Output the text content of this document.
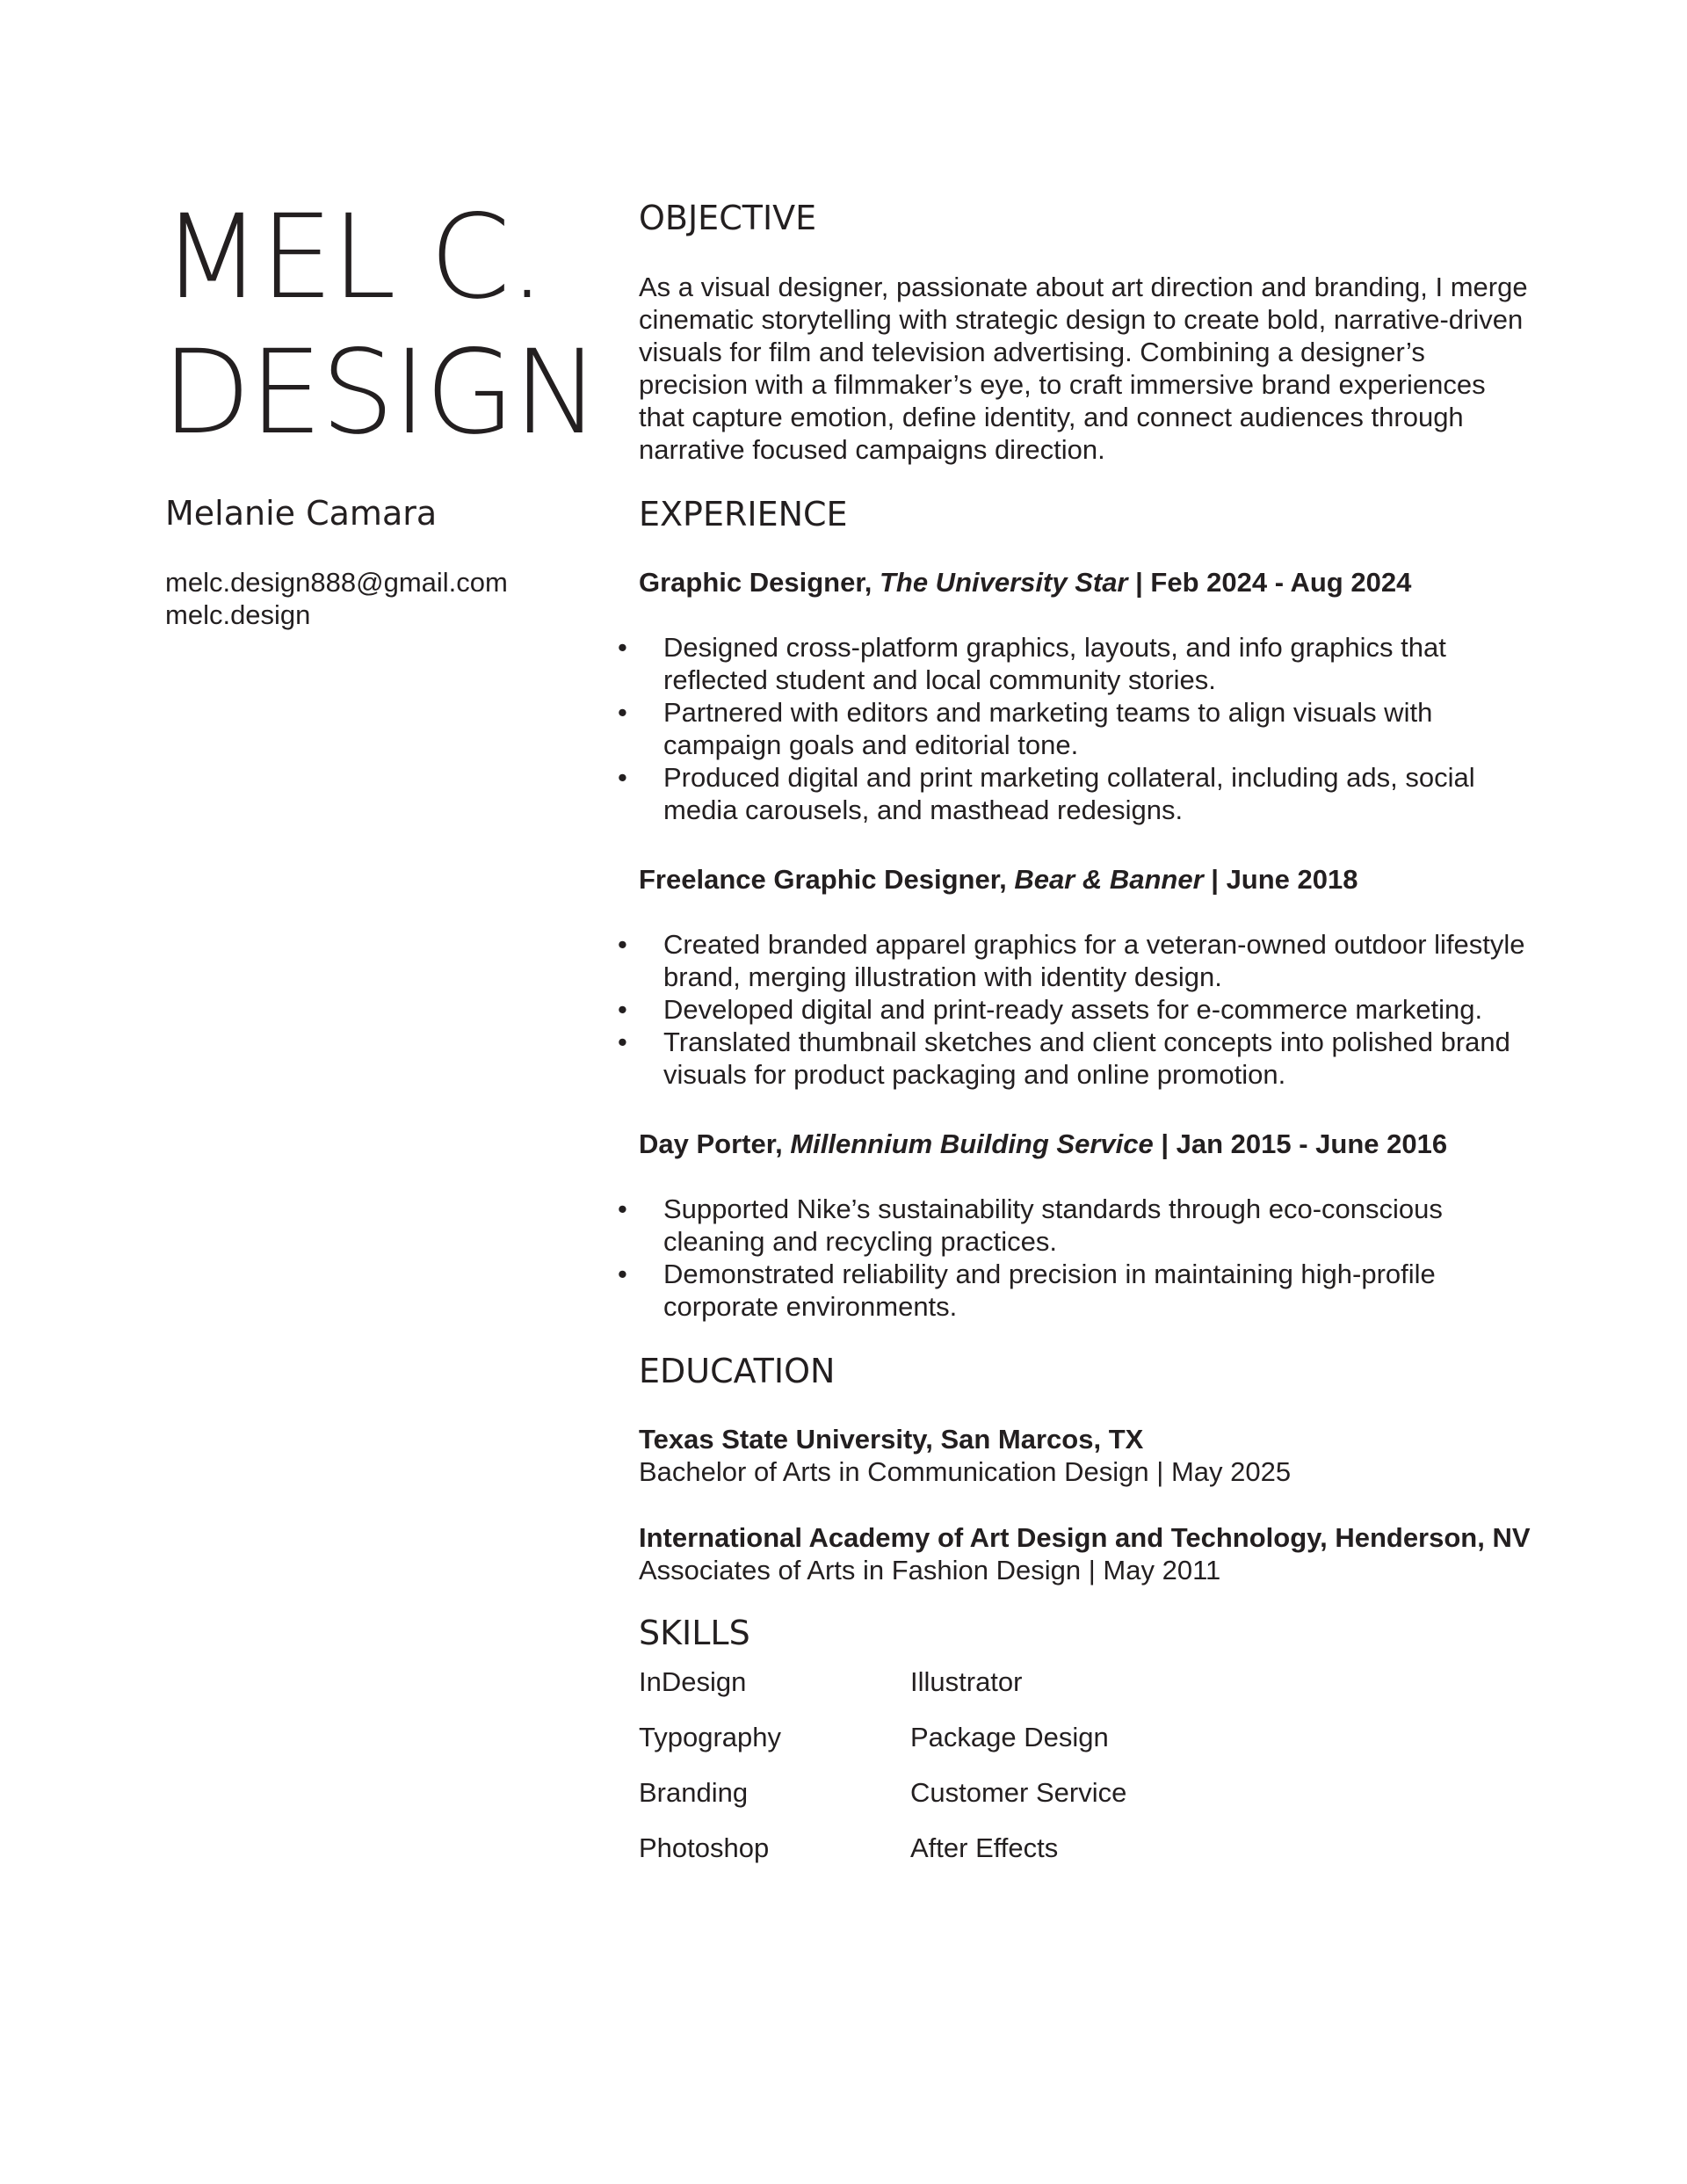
MEL C.
DESIGN
Melanie Camara
melc.design888@gmail.com
melc.design
OBJECTIVE

As a visual designer, passionate about art direction and branding, I merge cinematic storytelling with strategic design to create bold, narrative-driven visuals for film and television advertising. Combining a designer’s precision with a filmmaker’s eye, to craft immersive brand experiences that capture emotion, define identity, and connect audiences through narrative focused campaigns direction.

EXPERIENCE
Graphic Designer, The University Star | Feb 2024 - Aug 2024
• Designed cross-platform graphics, layouts, and info graphics that reflected student and local community stories.
• Partnered with editors and marketing teams to align visuals with campaign goals and editorial tone.
• Produced digital and print marketing collateral, including ads, social media carousels, and masthead redesigns.
Freelance Graphic Designer, Bear & Banner | June 2018
• Created branded apparel graphics for a veteran-owned outdoor lifestyle brand, merging illustration with identity design.
• Developed digital and print-ready assets for e-commerce marketing.
• Translated thumbnail sketches and client concepts into polished brand visuals for product packaging and online promotion.
Day Porter, Millennium Building Service | Jan 2015 - June 2016
• Supported Nike’s sustainability standards through eco-conscious cleaning and recycling practices.
• Demonstrated reliability and precision in maintaining high-profile corporate environments.
EDUCATION
Texas State University, San Marcos, TX
Bachelor of Arts in Communication Design | May 2025
International Academy of Art Design and Technology, Henderson, NV
Associates of Arts in Fashion Design | May 2011
SKILLS
InDesign	Illustrator
Typography	Package Design
Branding	Customer Service
Photoshop	After Effects
